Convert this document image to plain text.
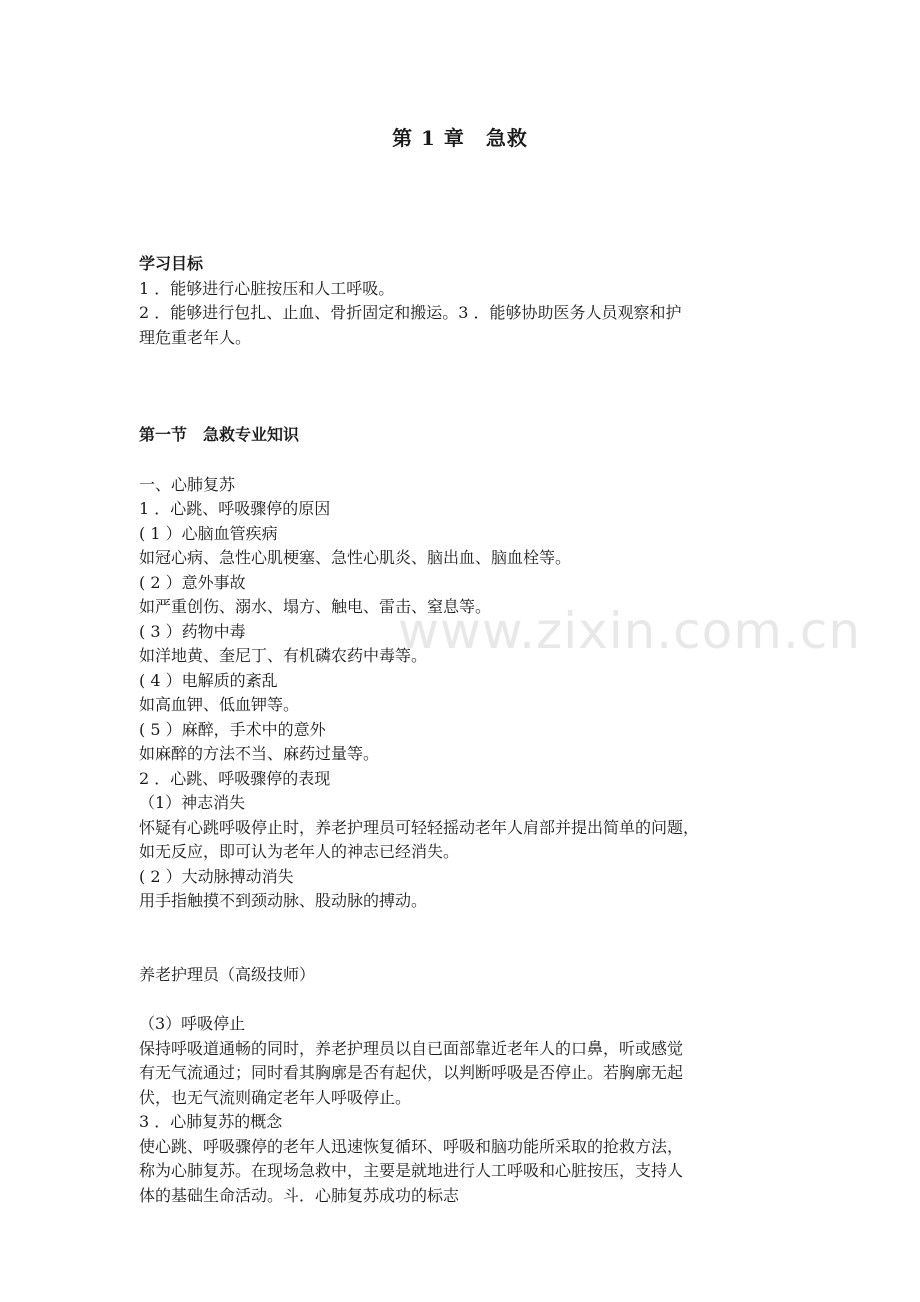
第 1 章　急救

学习目标

1 ．能够进行心脏按压和人工呼吸。

2 ．能够进行包扎、止血、骨折固定和搬运。3 ．能够协助医务人员观察和护

理危重老年人。

第一节　急救专业知识

一、心肺复苏

1 ．心跳、呼吸骤停的原因

( 1 ）心脑血管疾病

如冠心病、急性心肌梗塞、急性心肌炎、脑出血、脑血栓等。

( 2 ）意外事故

如严重创伤、溺水、塌方、触电、雷击、窒息等。

( 3 ）药物中毒

如洋地黄、奎尼丁、有机磷农药中毒等。

( 4 ）电解质的紊乱

如高血钾、低血钾等。

( 5 ）麻醉，手术中的意外

如麻醉的方法不当、麻药过量等。

2 ．心跳、呼吸骤停的表现

（1）神志消失

怀疑有心跳呼吸停止时，养老护理员可轻轻摇动老年人肩部并提出简单的问题，

如无反应，即可认为老年人的神志已经消失。

( 2 ）大动脉搏动消失

用手指触摸不到颈动脉、股动脉的搏动。

养老护理员（高级技师）

（3）呼吸停止

保持呼吸道通畅的同时，养老护理员以自已面部靠近老年人的口鼻，听或感觉

有无气流通过；同时看其胸廓是否有起伏，以判断呼吸是否停止。若胸廓无起

伏，也无气流则确定老年人呼吸停止。

3 ．心肺复苏的概念

使心跳、呼吸骤停的老年人迅速恢复循环、呼吸和脑功能所采取的抢救方法，

称为心肺复苏。在现场急救中，主要是就地进行人工呼吸和心脏按压，支持人

体的基础生命活动。斗．心肺复苏成功的标志

www.zixin.com.cn
